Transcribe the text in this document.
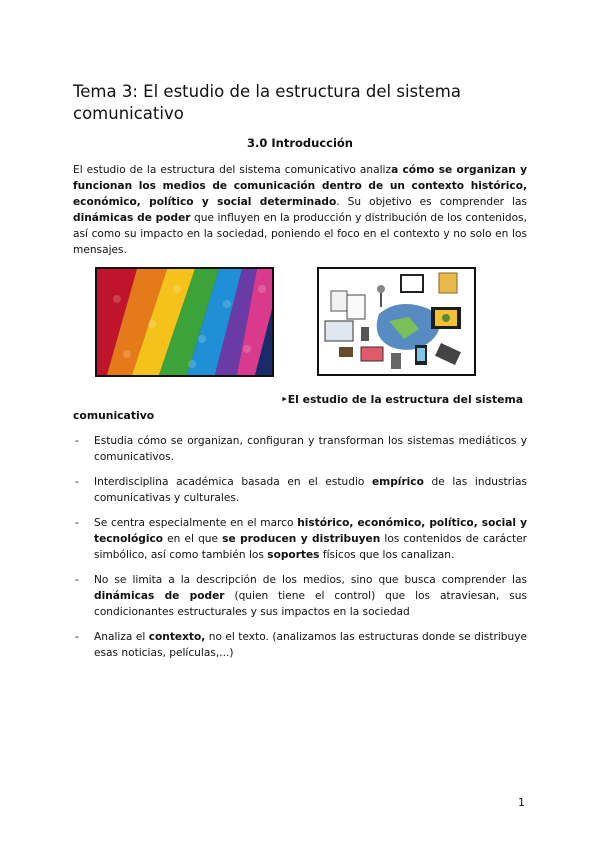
Tema 3: El estudio de la estructura del sistema comunicativo
3.0 Introducción

El estudio de la estructura del sistema comunicativo analiza cómo se organizan y funcionan los medios de comunicación dentro de un contexto histórico, económico, político y social determinado. Su objetivo es comprender las dinámicas de poder que influyen en la producción y distribución de los contenidos, así como su impacto en la sociedad, poniendo el foco en el contexto y no solo en los mensajes.

‣El estudio de la estructura del sistema
comunicativo
- Estudia cómo se organizan, configuran y transforman los sistemas mediáticos y comunicativos.
- Interdisciplina académica basada en el estudio empírico de las industrias comunicativas y culturales.
- Se centra especialmente en el marco histórico, económico, político, social y tecnológico en el que se producen y distribuyen los contenidos de carácter simbólico, así como también los soportes físicos que los canalizan.
- No se limita a la descripción de los medios, sino que busca comprender las dinámicas de poder (quien tiene el control) que los atraviesan, sus condicionantes estructurales y sus impactos en la sociedad
- Analiza el contexto, no el texto. (analizamos las estructuras donde se distribuye esas noticias, películas,...)
1
